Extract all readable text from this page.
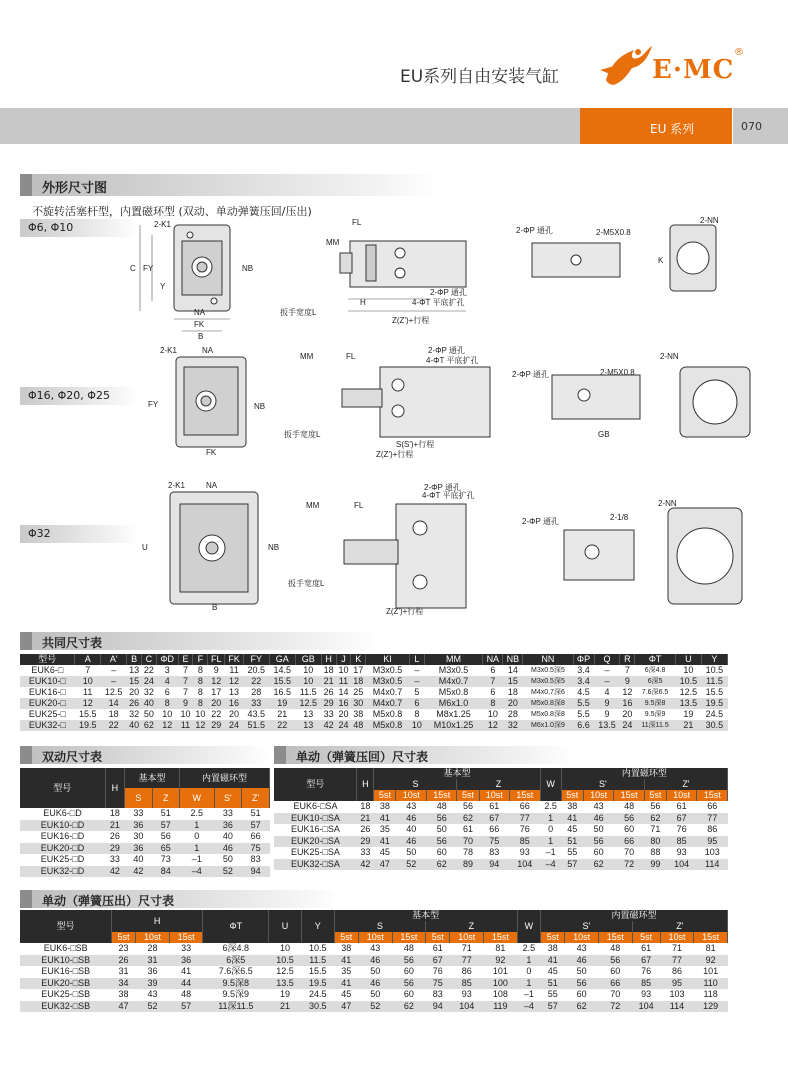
EU系列自由安装气缸	E·MC
®
EU 系列	070
外形尺寸图
不旋转活塞杆型，内置磁环型 (双动、单动弹簧压回/压出)
Φ6, Φ10
Φ16, Φ20, Φ25
Φ32
2-K1
C FY
Y
NB
NA
FK
B
MM
FL
H
扳手宽度L
2-ΦP 通孔
4-ΦT 平底扩孔
Z(Z')+行程
2-M5X0.8
2-ΦP 通孔
2-NN
K
2-K1	NA
FY	NB
FK
MM	FL
扳手宽度L
2-ΦP 通孔
4-ΦT 平底扩孔
S(S')+行程
Z(Z')+行程
2-ΦP 通孔	2-M5X0.8
GB
2-NN
2-K1	NA
U	NB
B
MM	FL
扳手宽度L
2-ΦP 通孔
4-ΦT 平底扩孔
Z(Z')+行程
2-ΦP 通孔	2-1/8
2-NN
共同尺寸表
型号	A	A'	B	C	ΦD	E	F	FL	FK	FY	GA	GB	H	J	K	KI	L	MM	NA	NB	NN	ΦP	Q	R	ΦT	U	Y
EUK6-□	7	–	13	22	3	7	8	9	11	20.5	14.5	10	18	10	17	M3x0.5	–	M3x0.5	6	14	M3x0.5深5	3.4	–	7	6深4.8	10	10.5
EUK10-□	10	–	15	24	4	7	8	12	12	22	15.5	10	21	11	18	M3x0.5	–	M4x0.7	7	15	M3x0.5深5	3.4	–	9	6深5	10.5	11.5
EUK16-□	11	12.5	20	32	6	7	8	17	13	28	16.5	11.5	26	14	25	M4x0.7	5	M5x0.8	6	18	M4x0.7深6	4.5	4	12	7.6深6.5	12.5	15.5
EUK20-□	12	14	26	40	8	9	8	20	16	33	19	12.5	29	16	30	M4x0.7	6	M6x1.0	8	20	M5x0.8深8	5.5	9	16	9.5深8	13.5	19.5
EUK25-□	15.5	18	32	50	10	10	10	22	20	43.5	21	13	33	20	38	M5x0.8	8	M8x1.25	10	28	M5x0.8深8	5.5	9	20	9.5深9	19	24.5
EUK32-□	19.5	22	40	62	12	11	12	29	24	51.5	22	13	42	24	48	M5x0.8	10	M10x1.25	12	32	M6x1.0深9	6.6	13.5	24	11深11.5	21	30.5
双动尺寸表
型号	H	基本型		内置磁环型		
		S	Z	W	S'	Z'
EUK6-□D	18	33	51	2.5	33	51
EUK10-□D	21	36	57	1	36	57
EUK16-□D	26	30	56	0	40	66
EUK20-□D	29	36	65	1	46	75
EUK25-□D	33	40	73	–1	50	83
EUK32-□D	42	42	84	–4	52	94
单动（弹簧压回）尺寸表
型号	H	基本型						W	内置磁环型					
		S			Z				S'			Z'		
		5st	10st	15st	5st	10st	15st		5st	10st	15st	5st	10st	15st
EUK6-□SA	18	38	43	48	56	61	66	2.5	38	43	48	56	61	66
EUK10-□SA	21	41	46	56	62	67	77	1	41	46	56	62	67	77
EUK16-□SA	26	35	40	50	61	66	76	0	45	50	60	71	76	86
EUK20-□SA	29	41	46	56	70	75	85	1	51	56	66	80	85	95
EUK25-□SA	33	45	50	60	78	83	93	–1	55	60	70	88	93	103
EUK32-□SA	42	47	52	62	89	94	104	–4	57	62	72	99	104	114
单动（弹簧压出）尺寸表
型号	H			ΦT	U	Y	基本型						W	内置磁环型					
							S			Z				S'			Z'		
	5st	10st	15st				5st	10st	15st	5st	10st	15st		5st	10st	15st	5st	10st	15st
EUK6-□SB	23	28	33	6深4.8	10	10.5	38	43	48	61	71	81	2.5	38	43	48	61	71	81
EUK10-□SB	26	31	36	6深5	10.5	11.5	41	46	56	67	77	92	1	41	46	56	67	77	92
EUK16-□SB	31	36	41	7.6深6.5	12.5	15.5	35	50	60	76	86	101	0	45	50	60	76	86	101
EUK20-□SB	34	39	44	9.5深8	13.5	19.5	41	46	56	75	85	100	1	51	56	66	85	95	110
EUK25-□SB	38	43	48	9.5深9	19	24.5	45	50	60	83	93	108	–1	55	60	70	93	103	118
EUK32-□SB	47	52	57	11深11.5	21	30.5	47	52	62	94	104	119	–4	57	62	72	104	114	129
